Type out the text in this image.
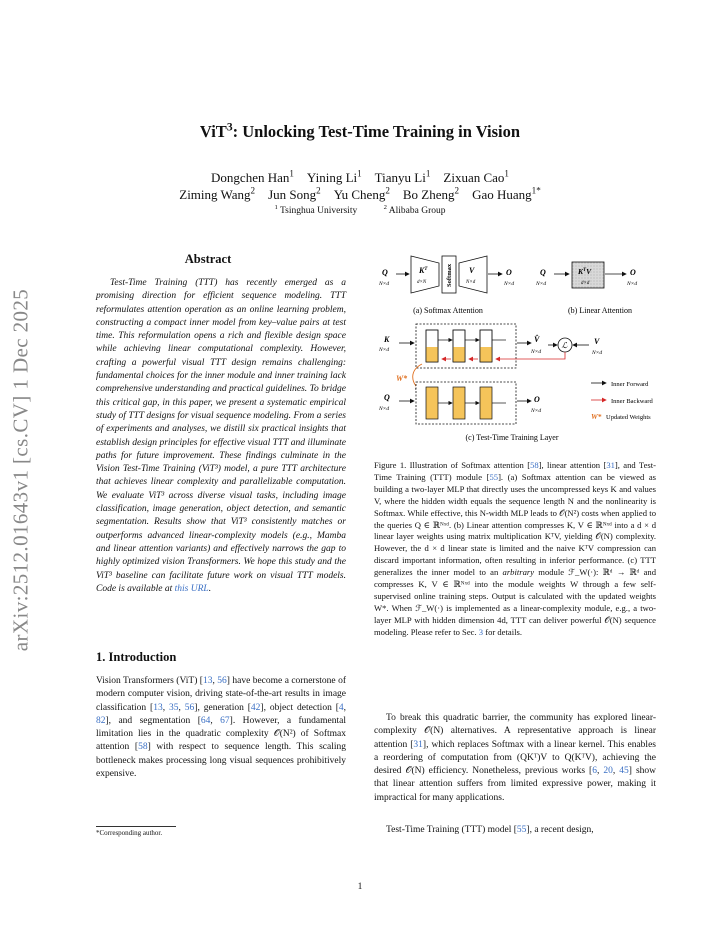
arXiv:2512.01643v1 [cs.CV] 1 Dec 2025
ViT$^3$: Unlocking Test-Time Training in Vision
Dongchen Han$^1$  Yining Li$^1$  Tianyu Li$^1$  Zixuan Cao$^1$
Ziming Wang$^2$  Jun Song$^2$  Yu Cheng$^2$  Bo Zheng$^2$  Gao Huang$^{1*}$
$^1$ Tsinghua University	$^2$ Alibaba Group
Abstract
Test-Time Training (TTT) has recently emerged as a promising direction for efficient sequence modeling. TTT reformulates attention operation as an online learning problem, constructing a compact inner model from key–value pairs at test time. This reformulation opens a rich and flexible design space while achieving linear computational complexity. However, crafting a powerful visual TTT design remains challenging: fundamental choices for the inner module and inner training lack comprehensive understanding and practical guidelines. To bridge this critical gap, in this paper, we present a systematic empirical study of TTT designs for visual sequence modeling. From a series of experiments and analyses, we distill six practical insights that establish design principles for effective visual TTT and illuminate paths for future improvement. These findings culminate in the Vision Test-Time Training (ViT³) model, a pure TTT architecture that achieves linear complexity and parallelizable computation. We evaluate ViT³ across diverse visual tasks, including image classification, image generation, object detection, and semantic segmentation. Results show that ViT³ consistently matches or outperforms advanced linear-complexity models (e.g., Mamba and linear attention variants) and effectively narrows the gap to highly optimized vision Transformers. We hope this study and the ViT³ baseline can facilitate future work on visual TTT models. Code is available at this URL.
1. Introduction
Vision Transformers (ViT) [13, 56] have become a cornerstone of modern computer vision, driving state-of-the-art results in image classification [13, 35, 56], generation [42], object detection [4, 82], and segmentation [64, 67]. However, a fundamental limitation lies in the quadratic complexity 𝒪(N²) of Softmax attention [58] with respect to sequence length. This scaling bottleneck makes processing long visual sequences prohibitively expensive.
*Corresponding author.
Q
N×d
$K^T$
d×N	Softmax V
N×d
O
N×d
(a) Softmax Attention
Q
N×d
$K^TV$
d×d
O
N×d
(b) Linear Attention
K
N×d
V̂
N×d
ℒ	V
N×d
W*
Q
N×d
O
N×d
Inner Forward
Inner Backward
W* Updated Weights
(c) Test-Time Training Layer
Figure 1. Illustration of Softmax attention [58], linear attention [31], and Test-Time Training (TTT) module [55]. (a) Softmax attention can be viewed as building a two-layer MLP that directly uses the uncompressed keys K and values V, where the hidden width equals the sequence length N and the nonlinearity is Softmax. While effective, this N-width MLP leads to 𝒪(N²) costs when applied to the queries Q ∈ ℝᴺˣᵈ. (b) Linear attention compresses K, V ∈ ℝᴺˣᵈ into a d × d linear layer weights using matrix multiplication KᵀV, yielding 𝒪(N) complexity. However, the d × d linear state is limited and the naive KᵀV compression can discard important information, often resulting in inferior performance. (c) TTT generalizes the inner model to an arbitrary module ℱ_W(·): ℝᵈ → ℝᵈ and compresses K, V ∈ ℝᴺˣᵈ into the module weights W through a few self-supervised online training steps. Output is calculated with the updated weights W*. When ℱ_W(·) is implemented as a linear-complexity module, e.g., a two-layer MLP with hidden dimension 4d, TTT can deliver powerful 𝒪(N) sequence modeling. Please refer to Sec. 3 for details.
To break this quadratic barrier, the community has explored linear-complexity 𝒪(N) alternatives. A representative approach is linear attention [31], which replaces Softmax with a linear kernel. This enables a reordering of computation from (QKᵀ)V to Q(KᵀV), achieving the desired 𝒪(N) efficiency. Nonetheless, previous works [6, 20, 45] show that linear attention suffers from limited expressive power, making it impractical for many applications.
Test-Time Training (TTT) model [55], a recent design,
1
